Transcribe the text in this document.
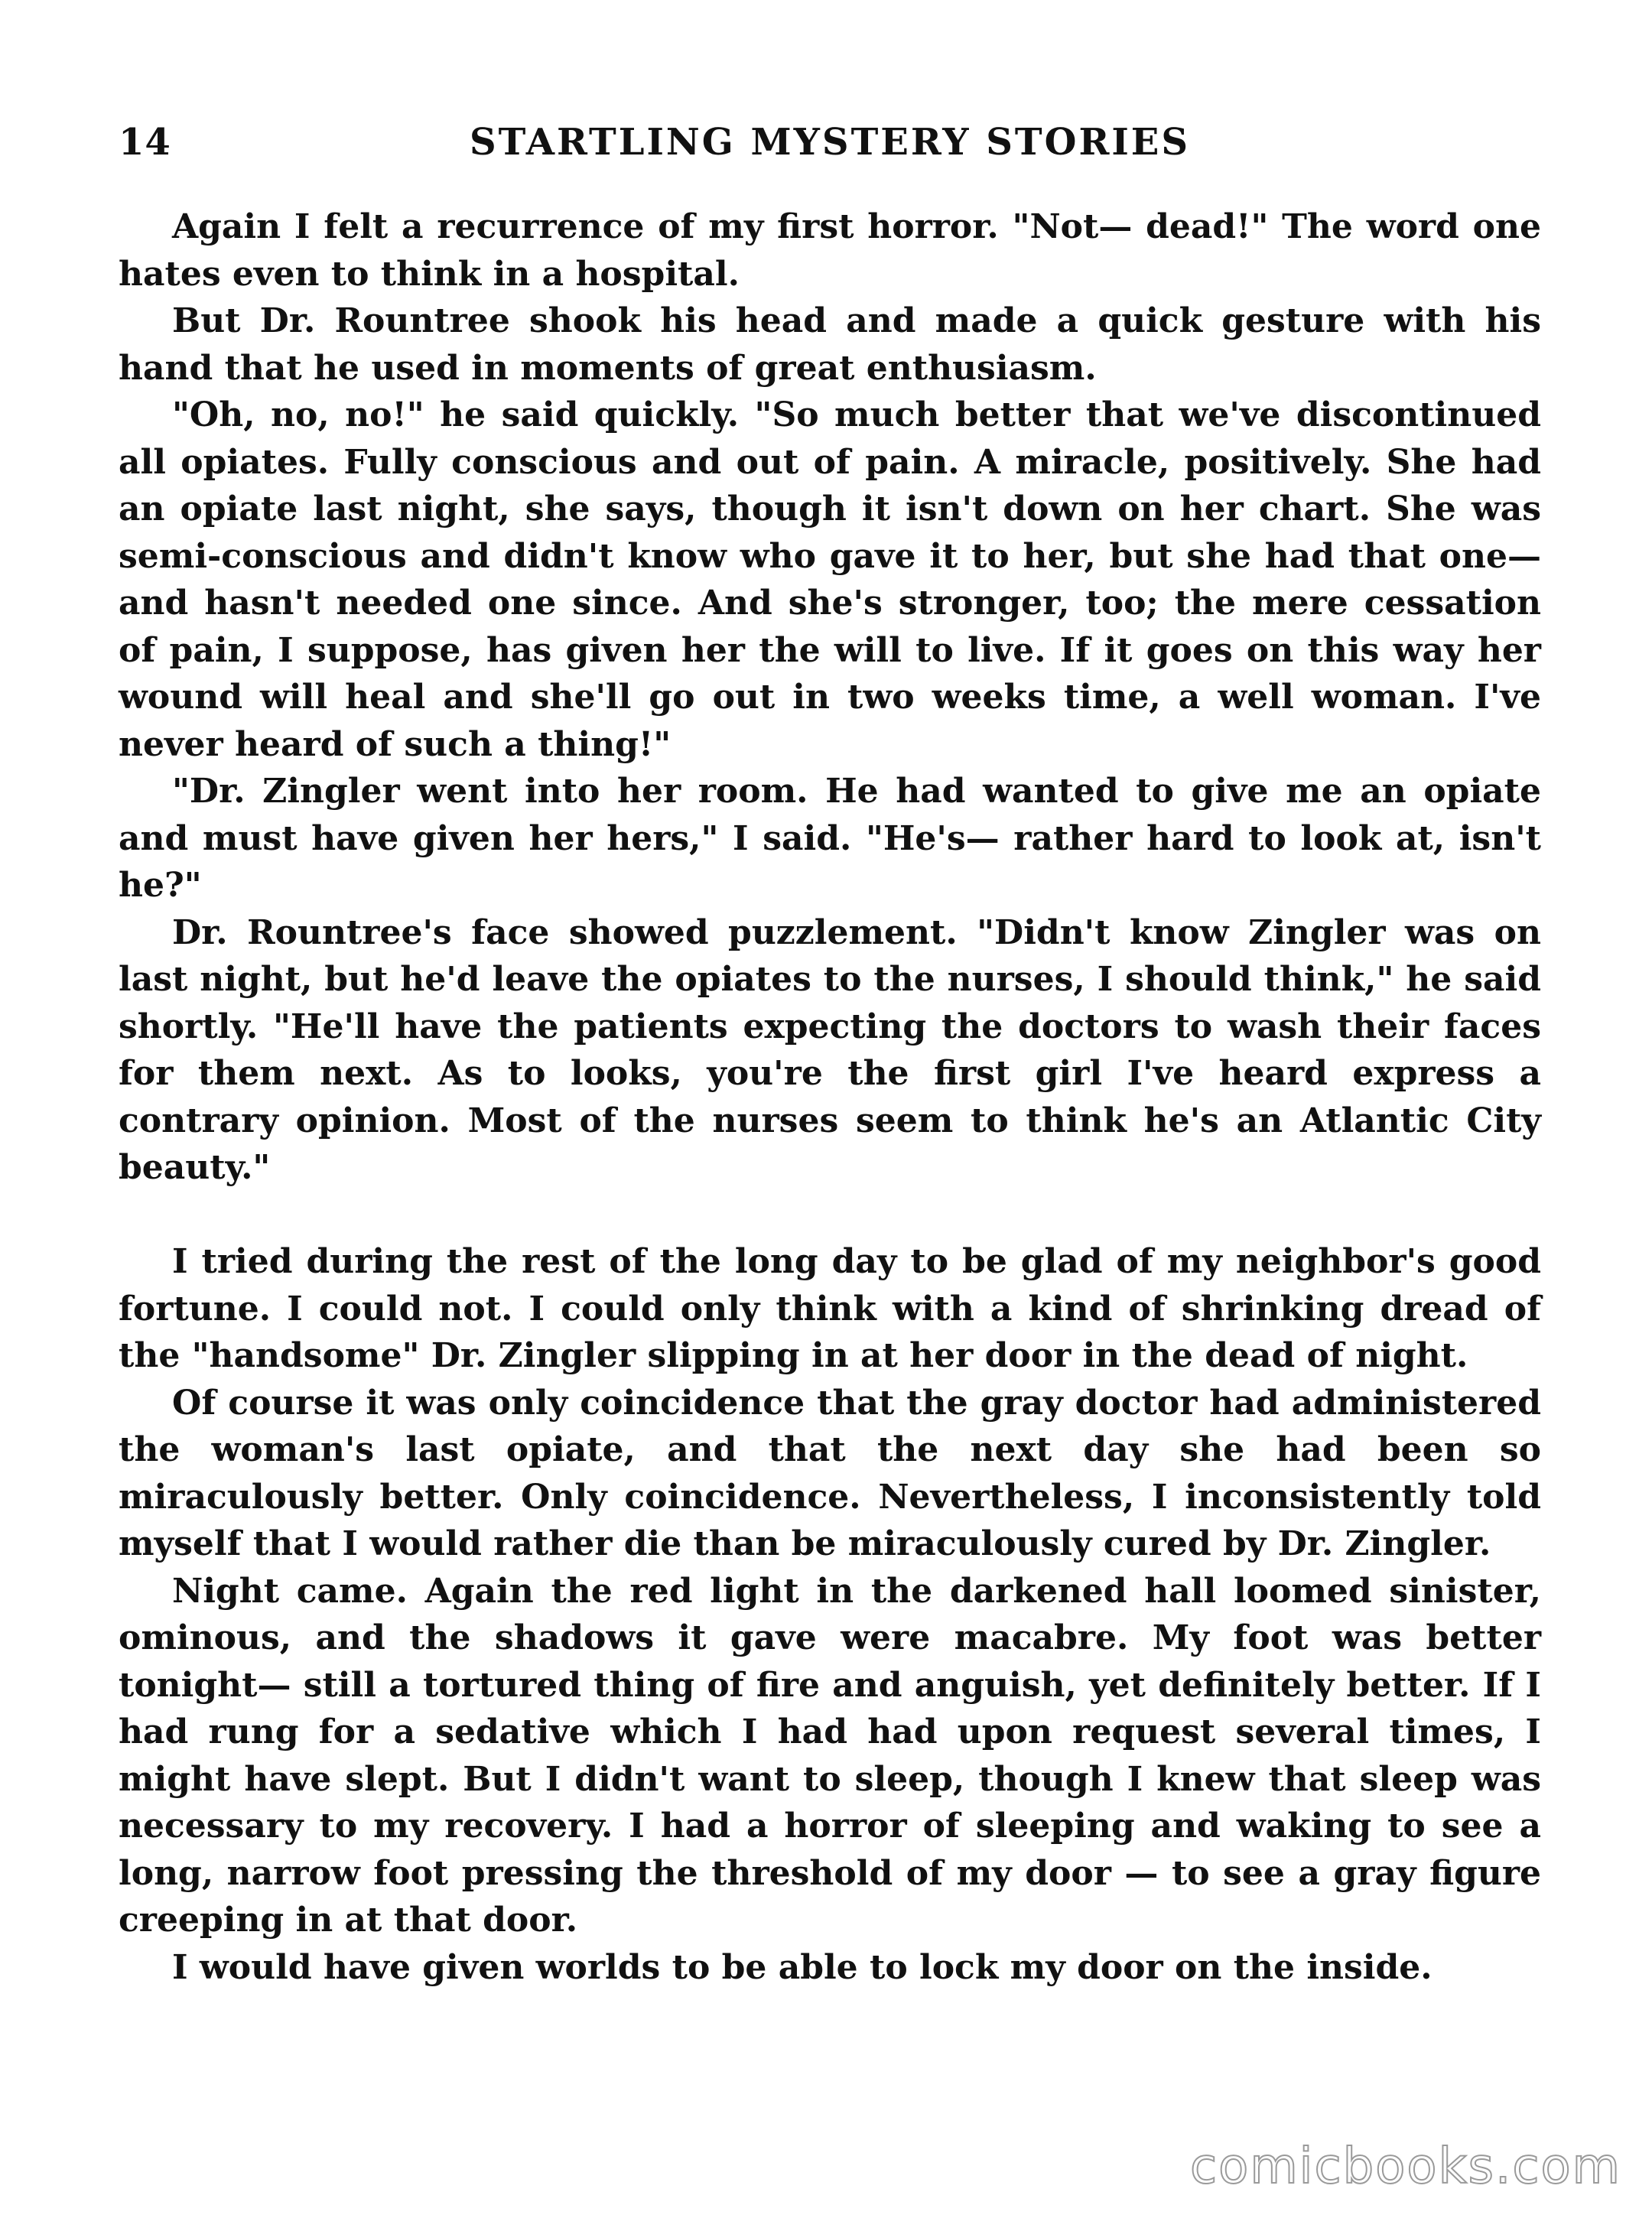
14	STARTLING MYSTERY STORIES

Again I felt a recurrence of my first horror. "Not— dead!" The word one hates even to think in a hospital.

But Dr. Rountree shook his head and made a quick gesture with his hand that he used in moments of great enthusiasm.

"Oh, no, no!" he said quickly. "So much better that we've discontinued all opiates. Fully conscious and out of pain. A miracle, positively. She had an opiate last night, she says, though it isn't down on her chart. She was semi-conscious and didn't know who gave it to her, but she had that one— and hasn't needed one since. And she's stronger, too; the mere cessation of pain, I suppose, has given her the will to live. If it goes on this way her wound will heal and she'll go out in two weeks time, a well woman. I've never heard of such a thing!"

"Dr. Zingler went into her room. He had wanted to give me an opiate and must have given her hers," I said. "He's— rather hard to look at, isn't he?"

Dr. Rountree's face showed puzzlement. "Didn't know Zingler was on last night, but he'd leave the opiates to the nurses, I should think," he said shortly. "He'll have the patients expecting the doctors to wash their faces for them next. As to looks, you're the first girl I've heard express a contrary opinion. Most of the nurses seem to think he's an Atlantic City beauty."

I tried during the rest of the long day to be glad of my neighbor's good fortune. I could not. I could only think with a kind of shrinking dread of the "handsome" Dr. Zingler slipping in at her door in the dead of night.

Of course it was only coincidence that the gray doctor had administered the woman's last opiate, and that the next day she had been so miraculously better. Only coincidence. Nevertheless, I inconsistently told myself that I would rather die than be miraculously cured by Dr. Zingler.

Night came. Again the red light in the darkened hall loomed sinister, ominous, and the shadows it gave were macabre. My foot was better tonight— still a tortured thing of fire and anguish, yet definitely better. If I had rung for a sedative which I had had upon request several times, I might have slept. But I didn't want to sleep, though I knew that sleep was necessary to my recovery. I had a horror of sleeping and waking to see a long, narrow foot pressing the threshold of my door — to see a gray figure creeping in at that door.

I would have given worlds to be able to lock my door on the inside.

comicbooks.com
